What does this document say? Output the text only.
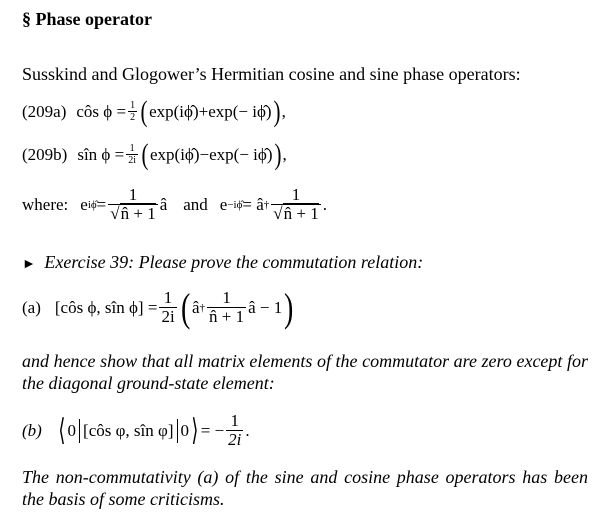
§ Phase operator
Susskind and Glogower’s Hermitian cosine and sine phase operators:
(209a) côs $\phi = \frac{1}{2}$ ( exp(iϕ̂) + exp(− iϕ̂) ) ,
(209b) sîn $\phi = \frac{1}{2i}$ ( exp(iϕ̂) − exp(− iϕ̂) ) ,
where: e iϕ̂ = $\frac{1}{√n̂ + 1}$ â and e −iϕ̂ = â † $\frac{1}{√n̂ + 1}$ .
► Exercise 39: Please prove the commutation relation:
(a) [côs ϕ, sîn $\phi] = \frac{1}{2i}$ ( â † $\frac{1}{n̂ + 1}$ â − 1 )
and hence show that all matrix elements of the commutator are zero except for the diagonal ground-state element:
(b) ⟨ 0 [côs φ, sîn φ] 0 ⟩ = − $\frac{1}{2i}$ .
The non-commutativity (a) of the sine and cosine phase operators has been the basis of some criticisms.
